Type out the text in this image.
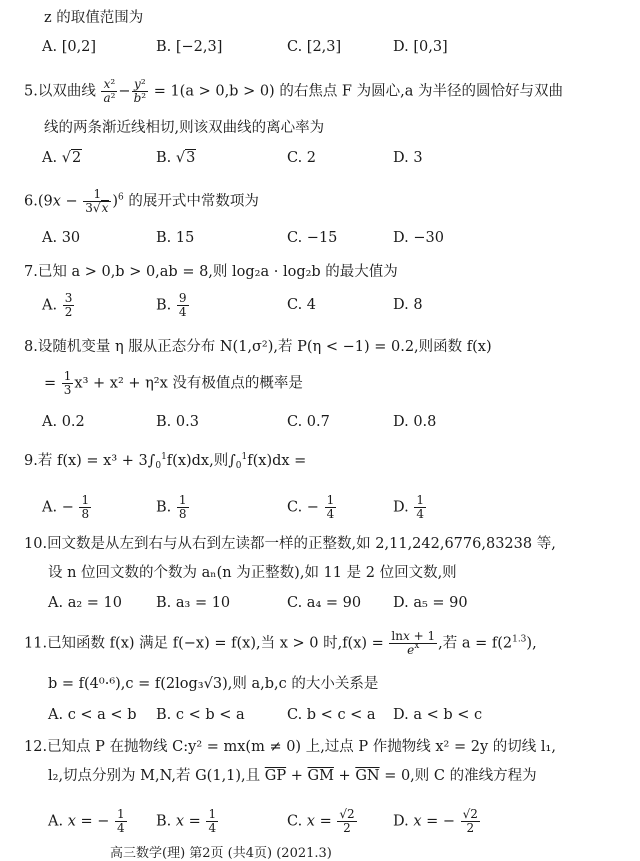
z 的取值范围为
A. [0,2]	B. [−2,3]	C. [2,3]	D. [0,3]
5.以双曲线 $\frac{\text{x²}}{\text{a²}} - \frac{\text{y²}}{\text{b²}} = 1(a > 0,b > 0)$ 的右焦点 F 为圆心,a 为半径的圆恰好与双曲
线的两条渐近线相切,则该双曲线的离心率为
A. √2	B. √3	C. 2	D. 3
$6.(9x - \frac{1}{3√x} )^6$ 的展开式中常数项为
A. 30	B. 15	C. −15	D. −30
7.已知 a > 0,b > 0,ab = 8,则 log₂a · log₂b 的最大值为
A. $\frac{3}{2}$	B. $\frac{9}{4}$	C. 4	D. 8
8.设随机变量 η 服从正态分布 N(1,σ²),若 P(η < −1) = 0.2,则函数 f(x)
= $\frac{1}{3} x^3 + x^2 + \eta^2x$ 没有极值点的概率是
A. 0.2	B. 0.3	C. 0.7	D. 0.8
9.若 $f(x) = x^3 + 3\int_0^1f(x)dx$,则$\int_0^1f(x)dx$ =
A. − $\frac{1}{8}$	B. $\frac{1}{8}$	C. − $\frac{1}{4}$	D. $\frac{1}{4}$
10.回文数是从左到右与从右到左读都一样的正整数,如 2,11,242,6776,83238 等,
设 n 位回文数的个数为 aₙ(n 为正整数),如 11 是 2 位回文数,则
A. a₂ = 10 B. a₃ = 10	C. a₄ = 90 D. a₅ = 90
11.已知函数 f(x) 满足 f(−x) = f(x),当 x > 0 时$,f(x) = \frac{\ln x + 1}{e^x}$ ,若 $a = f(2^{1.3})$,
b = f(4⁰·⁶),c = f(2log₃√3),则 a,b,c 的大小关系是
A. c < a < b B. c < b < a	C. b < c < a D. a < b < c
12.已知点 P 在抛物线 C:y² = mx(m ≠ 0) 上,过点 P 作抛物线 x² = 2y 的切线 l₁,
l₂,切点分别为 M,N,若 G(1,1),且 $\overline{GP} + \overline{GM} + \overline{GN} = 0$,则 C 的准线方程为
A. x = − $\frac{1}{4} B$. $x = \frac{1}{4}$	C. $x = \frac{√2}{2}$	D. x = − $\frac{√2}{2}$
高三数学(理) 第2页 (共4页) (2021.3)
